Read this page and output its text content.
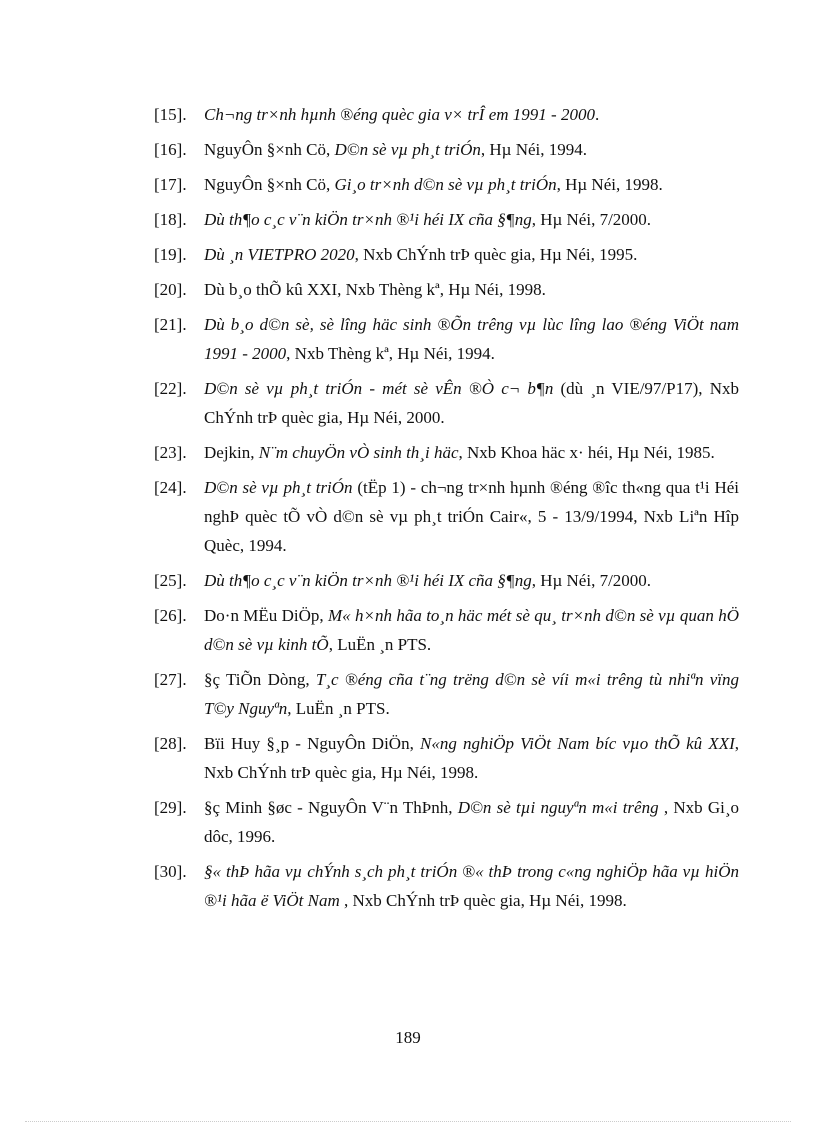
[15].	Ch¬ng tr×nh hµnh ®éng quèc gia v× trÎ em 1991 - 2000.
[16].	NguyÔn §×nh Cö, D©n sè vµ ph¸t triÓn, Hµ Néi, 1994.
[17].	NguyÔn §×nh Cö, Gi¸o tr×nh d©n sè vµ ph¸t triÓn, Hµ Néi, 1998.
[18].	Dù th¶o c¸c v¨n kiÖn tr×nh ®¹i héi IX cña §¶ng, Hµ Néi, 7/2000.
[19].	Dù ¸n VIETPRO 2020, Nxb ChÝnh trÞ quèc gia, Hµ Néi, 1995.
[20].	Dù b¸o thÕ kû XXI, Nxb Thèng kª, Hµ Néi, 1998.
[21].	Dù b¸o d©n sè, sè lîng häc sinh ®Õn trêng vµ lùc lîng lao ®éng ViÖt nam 1991 - 2000, Nxb Thèng kª, Hµ Néi, 1994.
[22].	D©n sè vµ ph¸t triÓn - mét sè vÊn ®Ò c¬ b¶n (dù ¸n VIE/97/P17), Nxb ChÝnh trÞ quèc gia, Hµ Néi, 2000.
[23].	Dejkin, N¨m chuyÖn vÒ sinh th¸i häc, Nxb Khoa häc x· héi, Hµ Néi, 1985.
[24].	D©n sè vµ ph¸t triÓn (tËp 1) - ch¬ng tr×nh hµnh ®éng ®îc th«ng qua t¹i Héi nghÞ quèc tÕ vÒ d©n sè vµ ph¸t triÓn Cair«, 5 - 13/9/1994, Nxb Liªn Hîp Quèc, 1994.
[25].	Dù th¶o c¸c v¨n kiÖn tr×nh ®¹i héi IX cña §¶ng, Hµ Néi, 7/2000.
[26].	Do·n MËu DiÖp, M« h×nh hãa to¸n häc mét sè qu¸ tr×nh d©n sè vµ quan hÖ d©n sè vµ kinh tÕ, LuËn ¸n PTS.
[27].	§ç TiÕn Dòng, T¸c ®éng cña t¨ng trëng d©n sè víi m«i trêng tù nhiªn vïng T©y Nguyªn, LuËn ¸n PTS.
[28].	Bïi Huy §¸p - NguyÔn DiÖn, N«ng nghiÖp ViÖt Nam bíc vµo thÕ kû XXI, Nxb ChÝnh trÞ quèc gia, Hµ Néi, 1998.
[29].	§ç Minh §øc - NguyÔn V¨n ThÞnh, D©n sè tµi nguyªn m«i trêng , Nxb Gi¸o dôc, 1996.
[30].	§« thÞ hãa vµ chÝnh s¸ch ph¸t triÓn ®« thÞ trong c«ng nghiÖp hãa vµ hiÖn ®¹i hãa ë ViÖt Nam , Nxb ChÝnh trÞ quèc gia, Hµ Néi, 1998.
189
